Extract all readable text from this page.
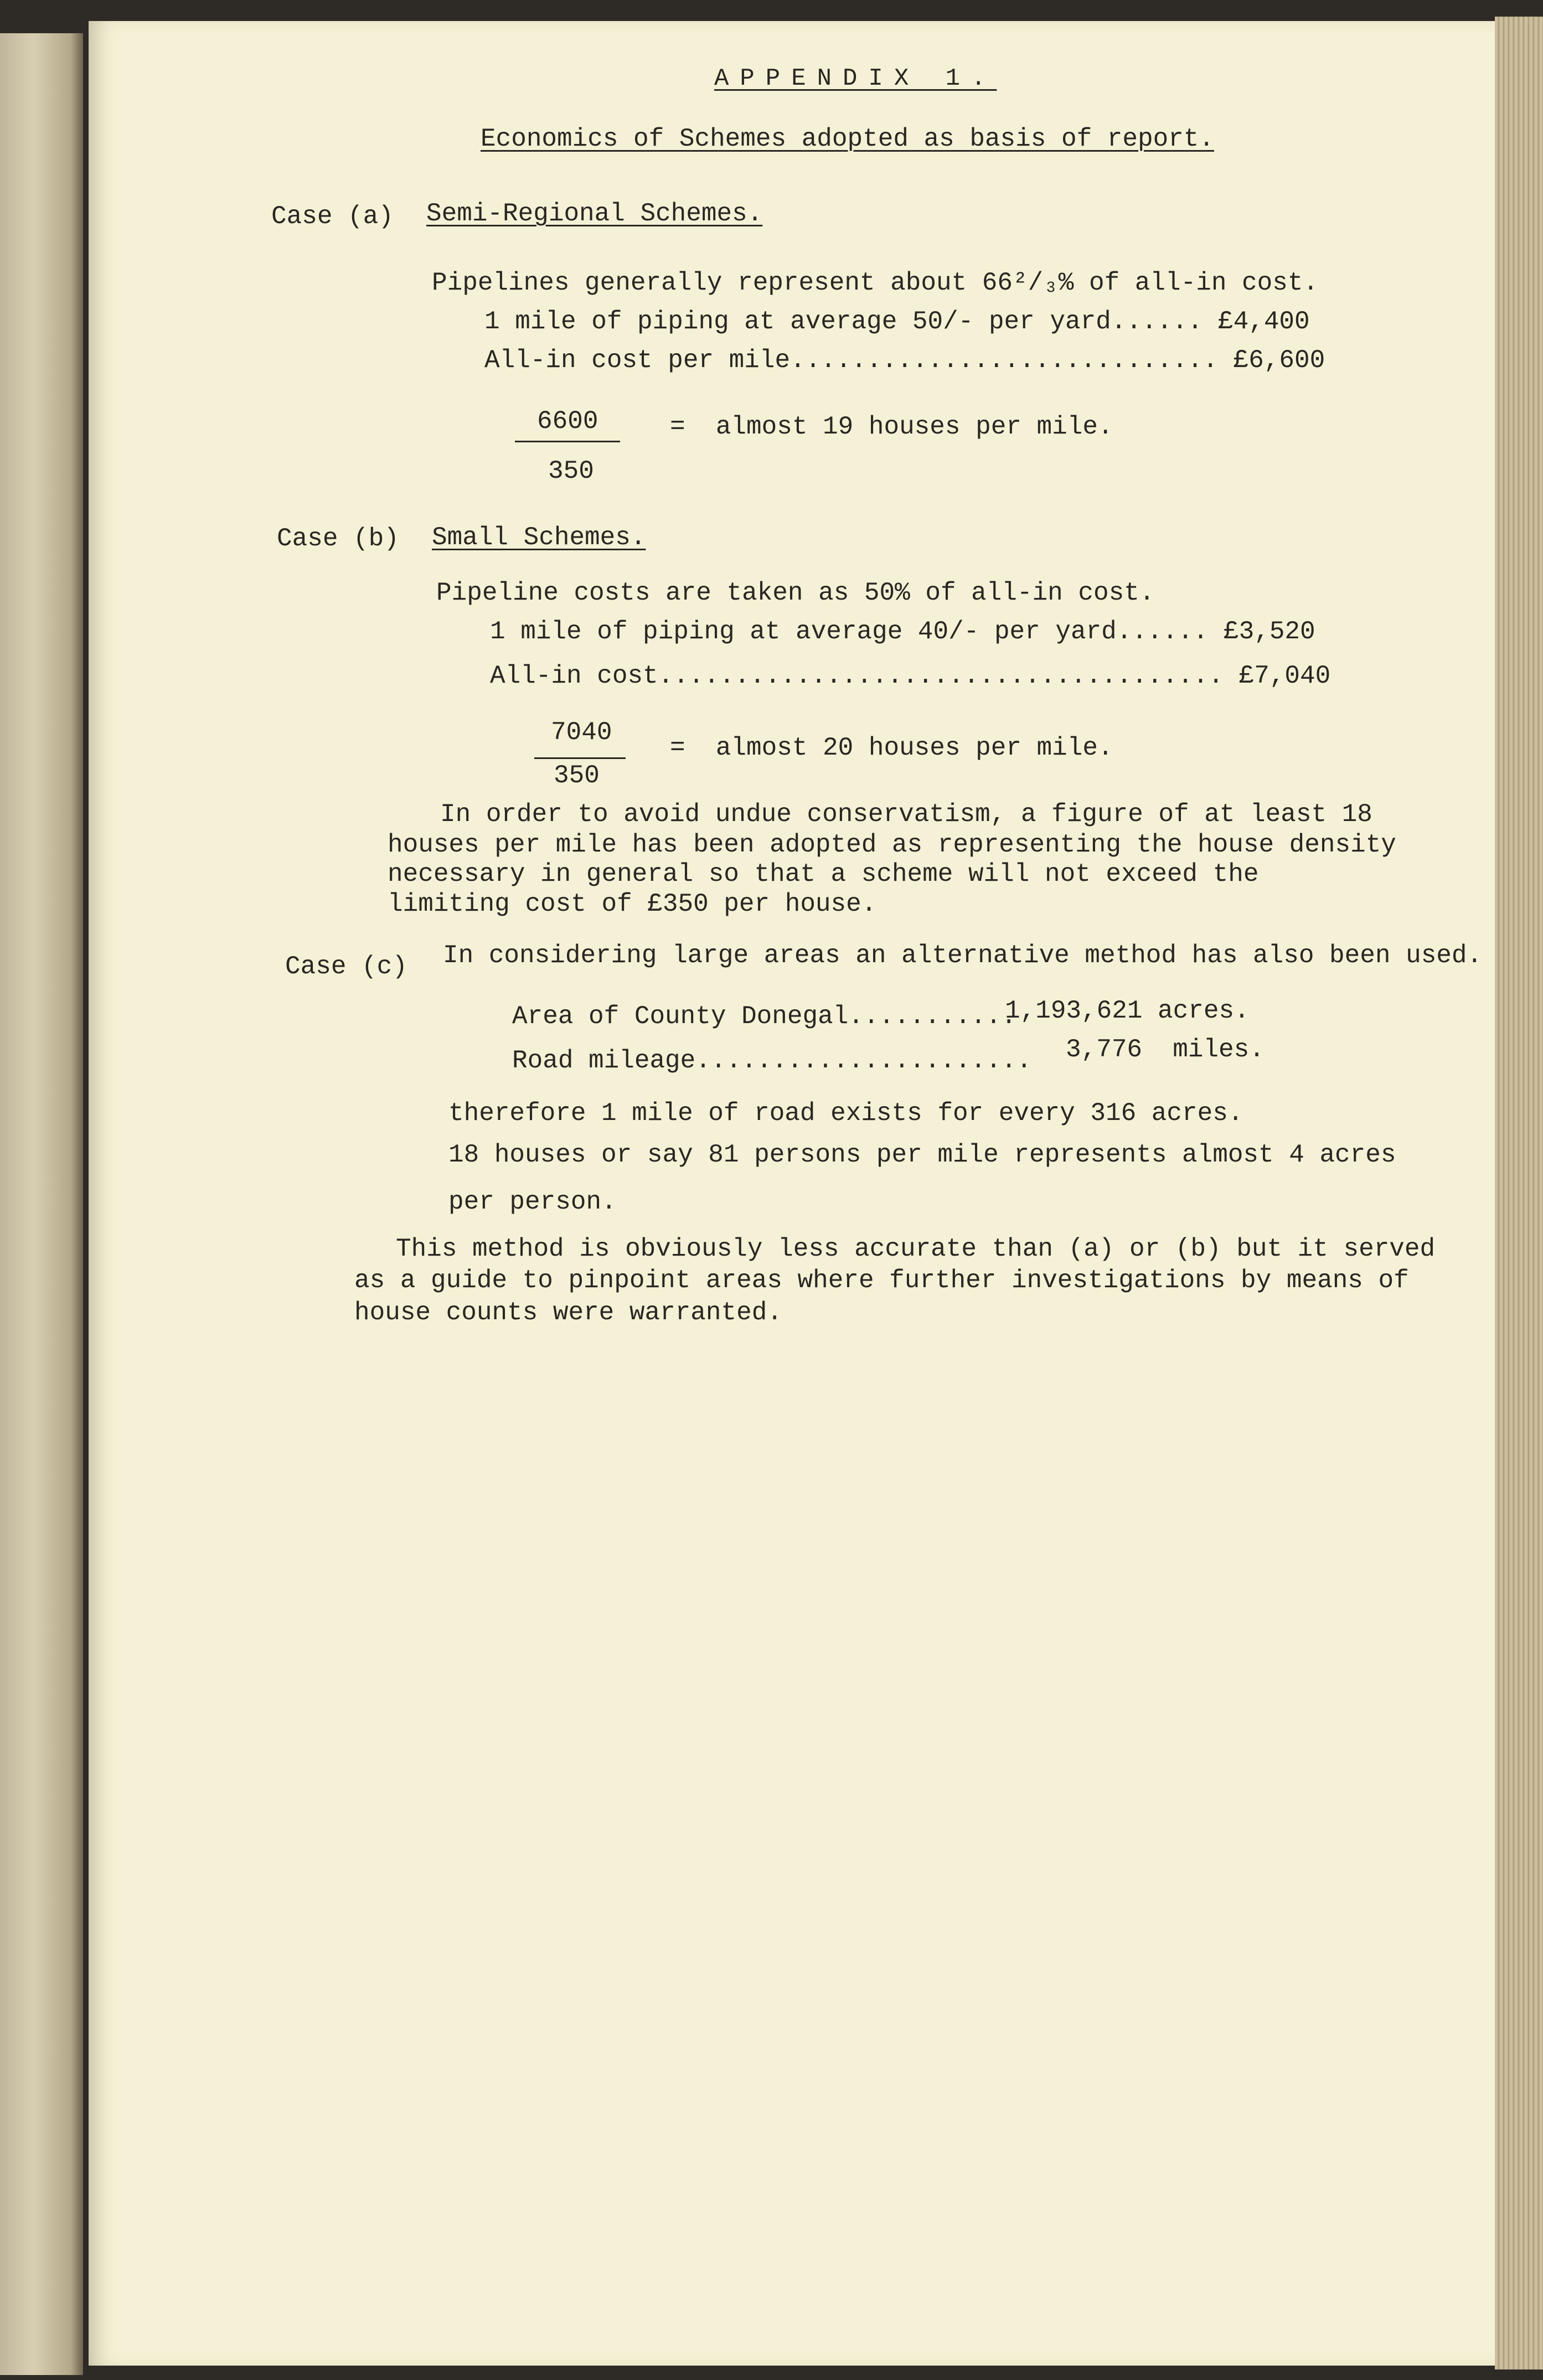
APPENDIX 1.
Economics of Schemes adopted as basis of report.
Case (a) Semi-Regional Schemes.
Pipelines generally represent about 66²/₃% of all-in cost.
1 mile of piping at average 50/- per yard...... £4,400
All-in cost per mile............................ £6,600
6600
350
=  almost 19 houses per mile.
Case (b) Small Schemes.
Pipeline costs are taken as 50% of all-in cost.
1 mile of piping at average 40/- per yard...... £3,520
All-in cost..................................... £7,040
7040
350
=  almost 20 houses per mile.
In order to avoid undue conservatism, a figure of at least 18
houses per mile has been adopted as representing the house density
necessary in general so that a scheme will not exceed the
limiting cost of £350 per house.
Case (c) In considering large areas an alternative method has also been used.
Area of County Donegal...........
1,193,621 acres.
Road mileage...................... 3,776  miles.
therefore 1 mile of road exists for every 316 acres.
18 houses or say 81 persons per mile represents almost 4 acres
per person.
This method is obviously less accurate than (a) or (b) but it served
as a guide to pinpoint areas where further investigations by means of
house counts were warranted.
